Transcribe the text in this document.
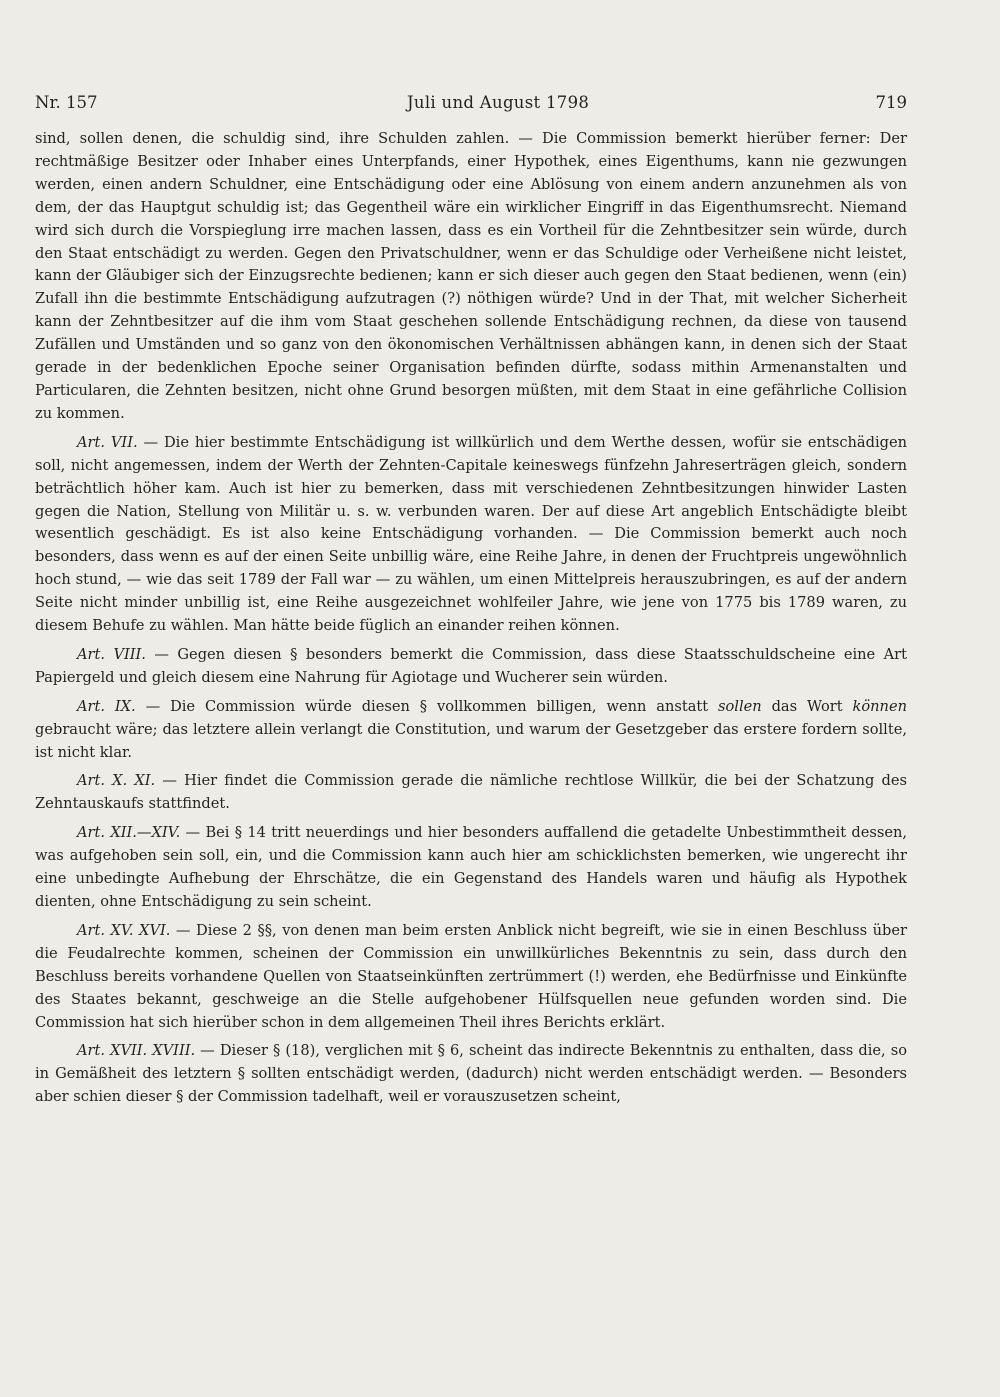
Nr. 157	Juli und August 1798	719

sind, sollen denen, die schuldig sind, ihre Schulden zahlen. — Die Commission bemerkt hierüber ferner: Der rechtmäßige Besitzer oder Inhaber eines Unterpfands, einer Hypothek, eines Eigenthums, kann nie gezwungen werden, einen andern Schuldner, eine Entschädigung oder eine Ablösung von einem andern anzunehmen als von dem, der das Hauptgut schuldig ist; das Gegentheil wäre ein wirklicher Eingriff in das Eigenthumsrecht. Niemand wird sich durch die Vorspieglung irre machen lassen, dass es ein Vortheil für die Zehntbesitzer sein würde, durch den Staat entschädigt zu werden. Gegen den Privatschuldner, wenn er das Schuldige oder Verheißene nicht leistet, kann der Gläubiger sich der Einzugsrechte bedienen; kann er sich dieser auch gegen den Staat bedienen, wenn (ein) Zufall ihn die bestimmte Entschädigung aufzutragen (?) nöthigen würde? Und in der That, mit welcher Sicherheit kann der Zehntbesitzer auf die ihm vom Staat geschehen sollende Entschädigung rechnen, da diese von tausend Zufällen und Umständen und so ganz von den ökonomischen Verhältnissen abhängen kann, in denen sich der Staat gerade in der bedenklichen Epoche seiner Organisation befinden dürfte, sodass mithin Armenanstalten und Particularen, die Zehnten besitzen, nicht ohne Grund besorgen müßten, mit dem Staat in eine gefährliche Collision zu kommen.

Art. VII. — Die hier bestimmte Entschädigung ist willkürlich und dem Werthe dessen, wofür sie entschädigen soll, nicht angemessen, indem der Werth der Zehnten-Capitale keineswegs fünfzehn Jahreserträgen gleich, sondern beträchtlich höher kam. Auch ist hier zu bemerken, dass mit verschiedenen Zehntbesitzungen hinwider Lasten gegen die Nation, Stellung von Militär u. s. w. verbunden waren. Der auf diese Art angeblich Entschädigte bleibt wesentlich geschädigt. Es ist also keine Entschädigung vorhanden. — Die Commission bemerkt auch noch besonders, dass wenn es auf der einen Seite unbillig wäre, eine Reihe Jahre, in denen der Fruchtpreis ungewöhnlich hoch stund, — wie das seit 1789 der Fall war — zu wählen, um einen Mittelpreis herauszubringen, es auf der andern Seite nicht minder unbillig ist, eine Reihe ausgezeichnet wohlfeiler Jahre, wie jene von 1775 bis 1789 waren, zu diesem Behufe zu wählen. Man hätte beide füglich an einander reihen können.

Art. VIII. — Gegen diesen § besonders bemerkt die Commission, dass diese Staatsschuldscheine eine Art Papiergeld und gleich diesem eine Nahrung für Agiotage und Wucherer sein würden.

Art. IX. — Die Commission würde diesen § vollkommen billigen, wenn anstatt sollen das Wort können gebraucht wäre; das letztere allein verlangt die Constitution, und warum der Gesetzgeber das erstere fordern sollte, ist nicht klar.

Art. X. XI. — Hier findet die Commission gerade die nämliche rechtlose Willkür, die bei der Schatzung des Zehntauskaufs stattfindet.

Art. XII.—XIV. — Bei § 14 tritt neuerdings und hier besonders auffallend die getadelte Unbestimmtheit dessen, was aufgehoben sein soll, ein, und die Commission kann auch hier am schicklichsten bemerken, wie ungerecht ihr eine unbedingte Aufhebung der Ehrschätze, die ein Gegenstand des Handels waren und häufig als Hypothek dienten, ohne Entschädigung zu sein scheint.

Art. XV. XVI. — Diese 2 §§, von denen man beim ersten Anblick nicht begreift, wie sie in einen Beschluss über die Feudalrechte kommen, scheinen der Commission ein unwillkürliches Bekenntnis zu sein, dass durch den Beschluss bereits vorhandene Quellen von Staatseinkünften zertrümmert (!) werden, ehe Bedürfnisse und Einkünfte des Staates bekannt, geschweige an die Stelle aufgehobener Hülfsquellen neue gefunden worden sind. Die Commission hat sich hierüber schon in dem allgemeinen Theil ihres Berichts erklärt.

Art. XVII. XVIII. — Dieser § (18), verglichen mit § 6, scheint das indirecte Bekenntnis zu enthalten, dass die, so in Gemäßheit des letztern § sollten entschädigt werden, (dadurch) nicht werden entschädigt werden. — Besonders aber schien dieser § der Commission tadelhaft, weil er vorauszusetzen scheint,
